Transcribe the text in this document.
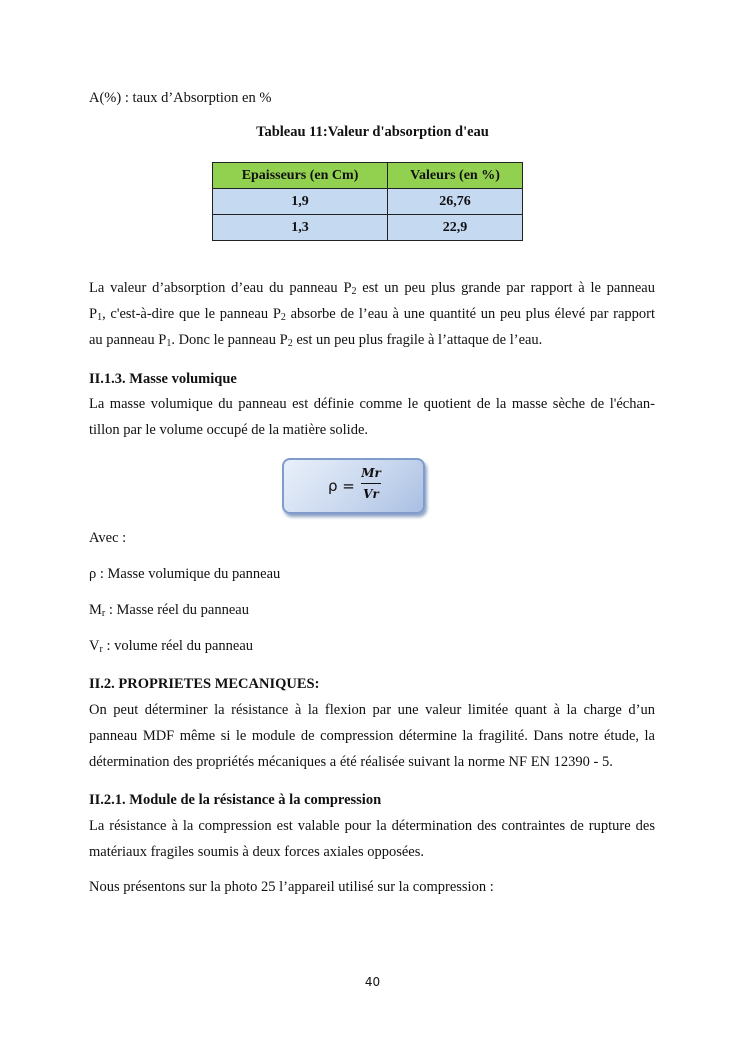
A(%) : taux d’Absorption en %
Tableau 11:Valeur d'absorption d'eau
Epaisseurs (en Cm)	Valeurs (en %)
1,9	26,76
1,3	22,9
La valeur d’absorption d’eau du panneau $P_2$ est un peu plus grande par rapport à le panneau
$P_1$, c'est-à-dire que le panneau $P_2$ absorbe de l’eau à une quantité un peu plus élevé par rapport
au panneau $P_1$. Donc le panneau $P_2$ est un peu plus fragile à l’attaque de l’eau.
II.1.3. Masse volumique
La masse volumique du panneau est définie comme le quotient de la masse sèche de l'échan-
tillon par le volume occupé de la matière solide.
ρ =
Mr
Vr
Avec :
ρ : Masse volumique du panneau
$M_r$ : Masse réel du panneau
$V_r$ : volume réel du panneau
II.2. PROPRIETES MECANIQUES:
On peut déterminer la résistance à la flexion par une valeur limitée quant à la charge d’un
panneau MDF même si le module de compression détermine la fragilité. Dans notre étude, la
détermination des propriétés mécaniques a été réalisée suivant la norme NF EN 12390 - 5.
II.2.1. Module de la résistance à la compression
La résistance à la compression est valable pour la détermination des contraintes de rupture des
matériaux fragiles soumis à deux forces axiales opposées.
Nous présentons sur la photo 25 l’appareil utilisé sur la compression :
40
